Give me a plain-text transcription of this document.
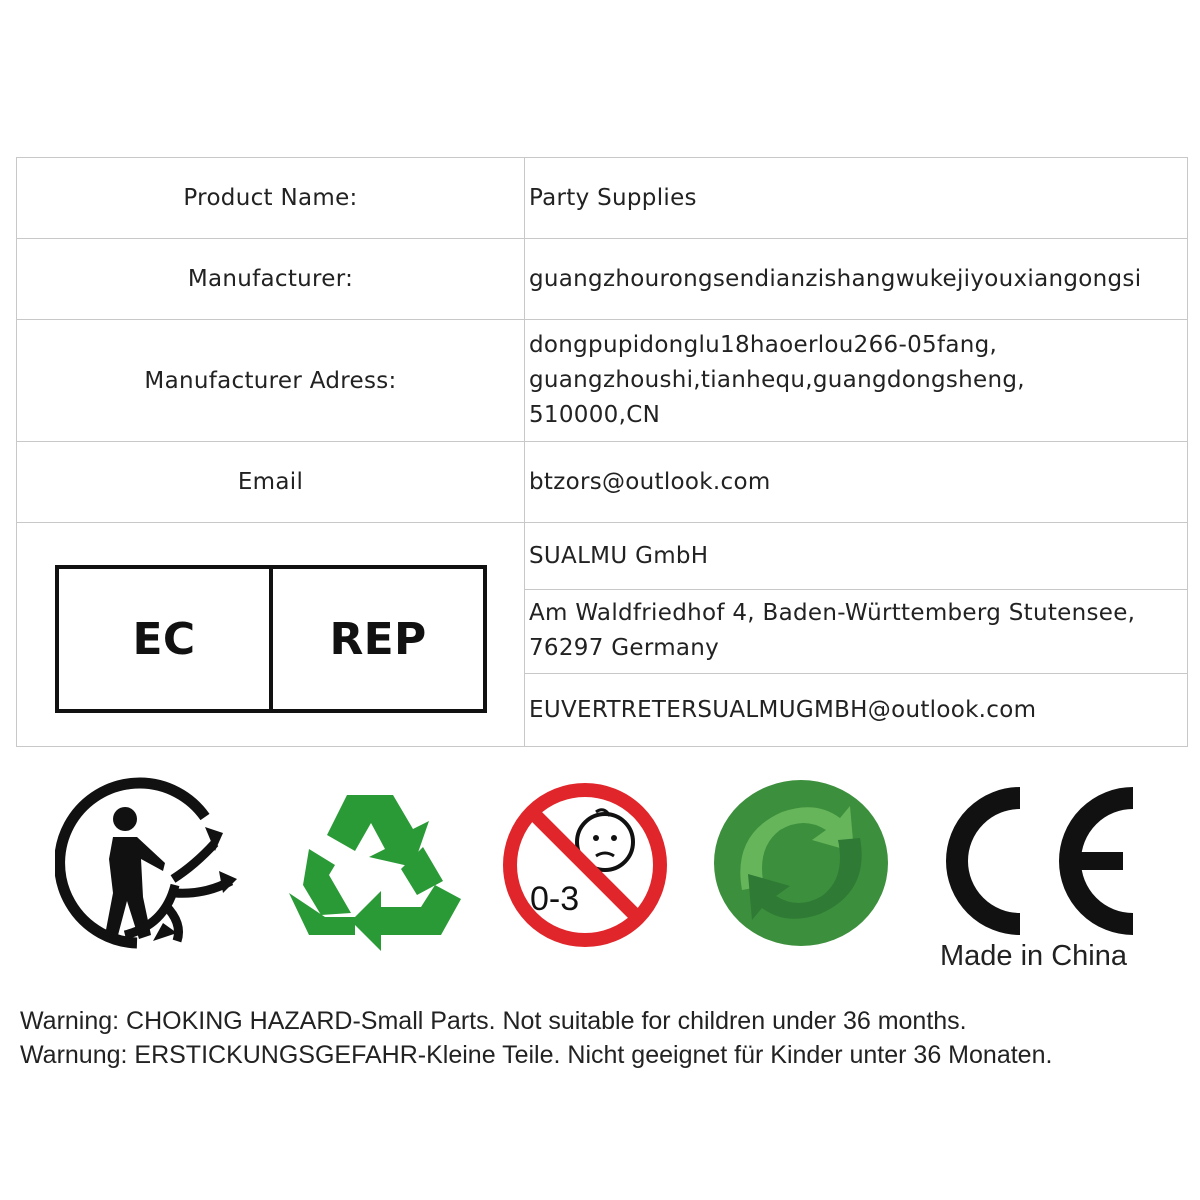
Product Name:	Party Supplies
Manufacturer:	guangzhourongsendianzishangwukejiyouxiangongsi
Manufacturer Adress:	
dongpupidonglu18haoerlou266-05fang,
guangzhoushi,tianhequ,guangdongsheng,
510000,CN

Email	btzors@outlook.com

EC	REP

SUALMU GmbH

Am Waldfriedhof 4, Baden-Württemberg Stutensee,
76297 Germany

EUVERTRETERSUALMUGMBH@outlook.com
0-3
Made in China
Warning: CHOKING HAZARD-Small Parts. Not suitable for children under 36 months.
Warnung: ERSTICKUNGSGEFAHR-Kleine Teile. Nicht geeignet für Kinder unter 36 Monaten.
